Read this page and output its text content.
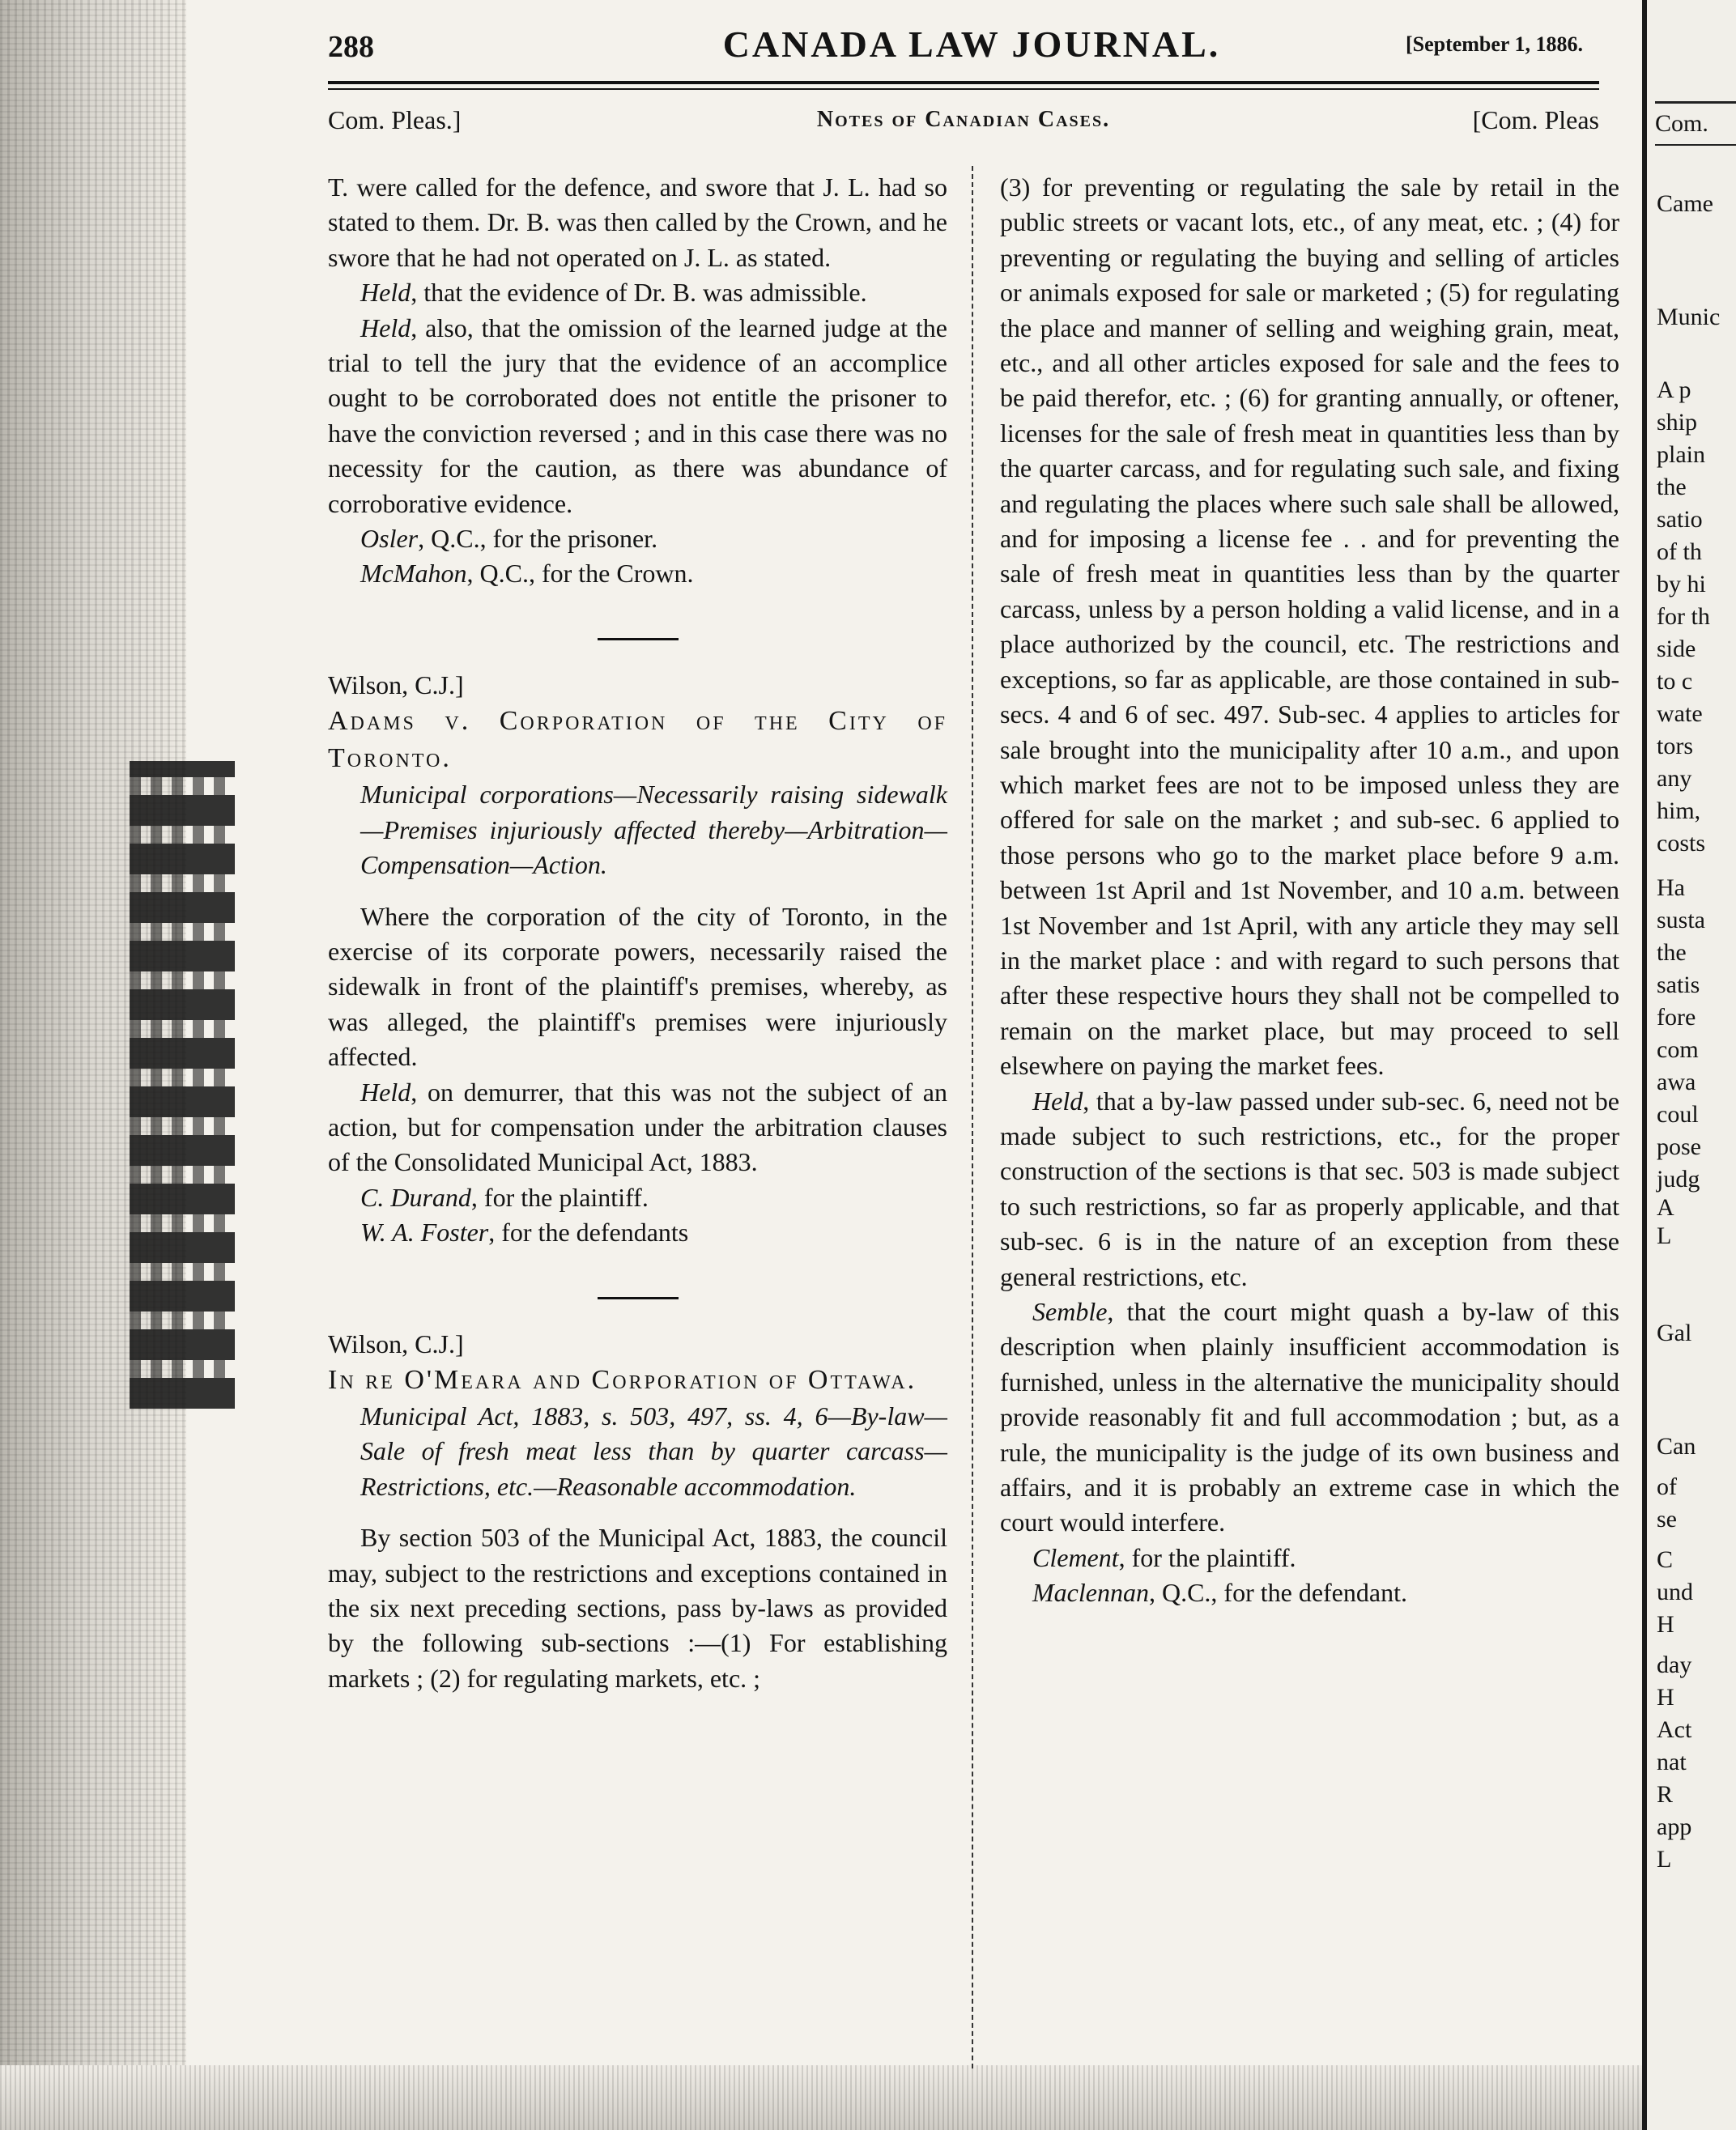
Com.
Came
Munic
A p
ship
plain
the
satio
of th
by hi
for th
side
to c
wate
tors
any
him,
costs
Ha
susta
the
satis
fore
com
awa
coul
pose
judg
A
L
Gal
Can
of
se
C
und
H
day
H
Act
nat
R
app
L
288	CANADA LAW JOURNAL.	[September 1, 1886.
Com. Pleas.]	Notes of Canadian Cases.	[Com. Pleas

T. were called for the defence, and swore that J. L. had so stated to them. Dr. B. was then called by the Crown, and he swore that he had not operated on J. L. as stated.

Held, that the evidence of Dr. B. was admissible.

Held, also, that the omission of the learned judge at the trial to tell the jury that the evidence of an accomplice ought to be corroborated does not entitle the prisoner to have the conviction reversed ; and in this case there was no necessity for the caution, as there was abundance of corroborative evidence.

Osler, Q.C., for the prisoner.

McMahon, Q.C., for the Crown.

Wilson, C.J.]

Adams v. Corporation of the City of Toronto.

Municipal corporations—Necessarily raising sidewalk—Premises injuriously affected thereby—Arbitration—Compensation—Action.

Where the corporation of the city of Toronto, in the exercise of its corporate powers, necessarily raised the sidewalk in front of the plaintiff's premises, whereby, as was alleged, the plaintiff's premises were injuriously affected.

Held, on demurrer, that this was not the subject of an action, but for compensation under the arbitration clauses of the Consolidated Municipal Act, 1883.

C. Durand, for the plaintiff.

W. A. Foster, for the defendants

Wilson, C.J.]

In re O'Meara and Corporation of Ottawa.

Municipal Act, 1883, s. 503, 497, ss. 4, 6—By-law—Sale of fresh meat less than by quarter carcass—Restrictions, etc.—Reasonable accommodation.

By section 503 of the Municipal Act, 1883, the council may, subject to the restrictions and exceptions contained in the six next preceding sections, pass by-laws as provided by the following sub-sections :—(1) For establishing markets ; (2) for regulating markets, etc. ;

(3) for preventing or regulating the sale by retail in the public streets or vacant lots, etc., of any meat, etc. ; (4) for preventing or regulating the buying and selling of articles or animals exposed for sale or marketed ; (5) for regulating the place and manner of selling and weighing grain, meat, etc., and all other articles exposed for sale and the fees to be paid therefor, etc. ; (6) for granting annually, or oftener, licenses for the sale of fresh meat in quantities less than by the quarter carcass, and for regulating such sale, and fixing and regulating the places where such sale shall be allowed, and for imposing a license fee . . and for preventing the sale of fresh meat in quantities less than by the quarter carcass, unless by a person holding a valid license, and in a place authorized by the council, etc. The restrictions and exceptions, so far as applicable, are those contained in sub-secs. 4 and 6 of sec. 497. Sub-sec. 4 applies to articles for sale brought into the municipality after 10 a.m., and upon which market fees are not to be imposed unless they are offered for sale on the market ; and sub-sec. 6 applied to those persons who go to the market place before 9 a.m. between 1st April and 1st November, and 10 a.m. between 1st November and 1st April, with any article they may sell in the market place : and with regard to such persons that after these respective hours they shall not be compelled to remain on the market place, but may proceed to sell elsewhere on paying the market fees.

Held, that a by-law passed under sub-sec. 6, need not be made subject to such restrictions, etc., for the proper construction of the sections is that sec. 503 is made subject to such restrictions, so far as properly applicable, and that sub-sec. 6 is in the nature of an exception from these general restrictions, etc.

Semble, that the court might quash a by-law of this description when plainly insufficient accommodation is furnished, unless in the alternative the municipality should provide reasonably fit and full accommodation ; but, as a rule, the municipality is the judge of its own business and affairs, and it is probably an extreme case in which the court would interfere.

Clement, for the plaintiff.

Maclennan, Q.C., for the defendant.
